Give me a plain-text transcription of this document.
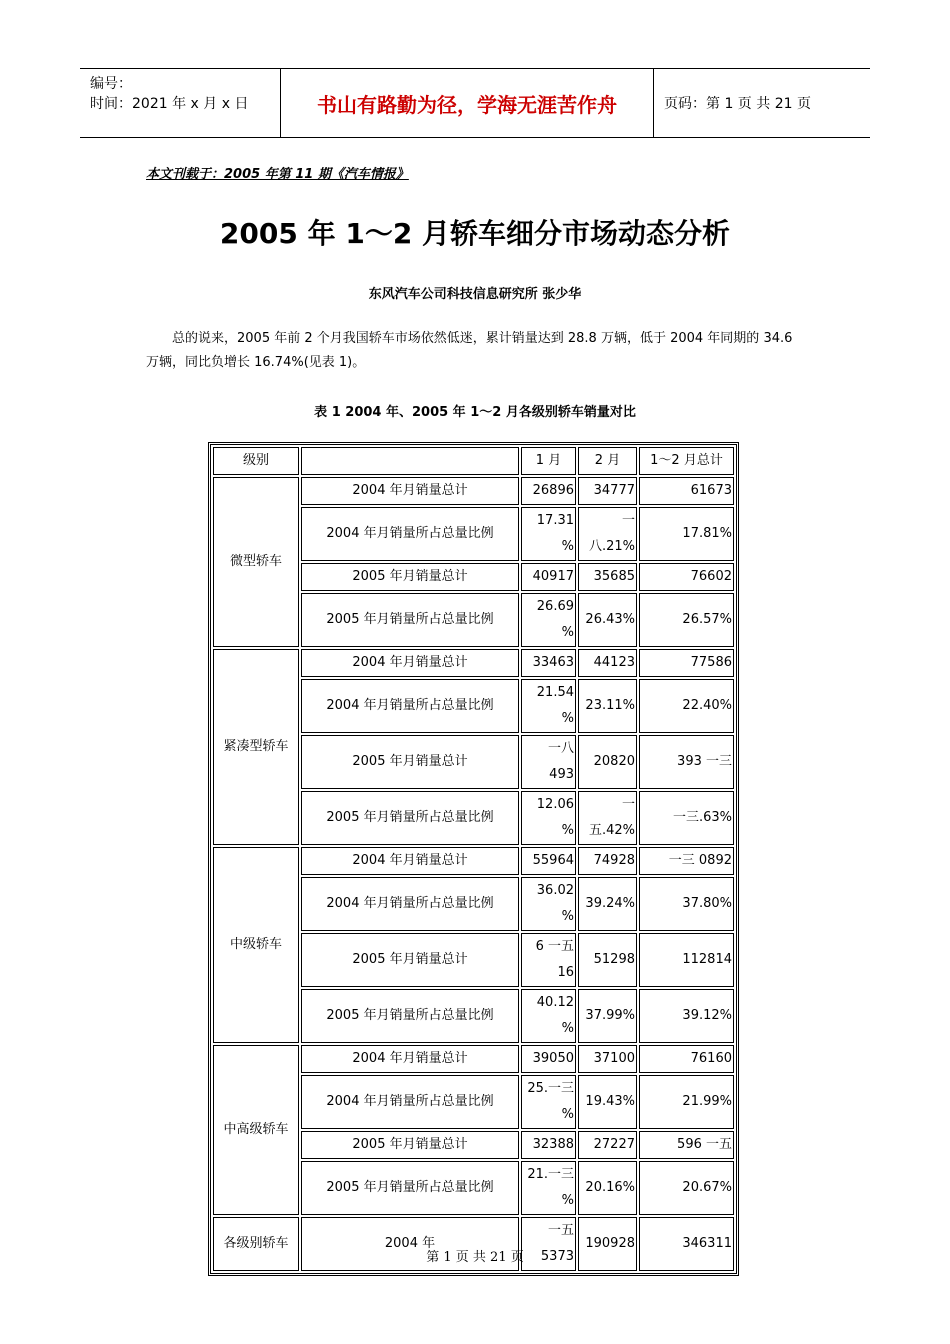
编号：
时间：2021 年 x 月 x 日	书山有路勤为径，学海无涯苦作舟	页码：第 1 页 共 21 页
本文刊载于：2005 年第 11 期《汽车情报》
2005 年 1～2 月轿车细分市场动态分析
东风汽车公司科技信息研究所 张少华
总的说来，2005 年前 2 个月我国轿车市场依然低迷，累计销量达到 28.8 万辆，低于 2004 年同期的 34.6 万辆，同比负增长 16.74%(见表 1)。
表 1 2004 年、2005 年 1～2 月各级别轿车销量对比
级别		1 月	2 月	1～2 月总计
微型轿车	2004 年月销量总计	26896	34777	61673
	2004 年月销量所占总量比例	17.31 %	一 八.21%	17.81%
	2005 年月销量总计	40917	35685	76602
	2005 年月销量所占总量比例	26.69 %	26.43%	26.57%
紧凑型轿车	2004 年月销量总计	33463	44123	77586
	2004 年月销量所占总量比例	21.54 %	23.11%	22.40%
	2005 年月销量总计	一八 493	20820	393 一三
	2005 年月销量所占总量比例	12.06 %	一 五.42%	一三.63%
中级轿车	2004 年月销量总计	55964	74928	一三 0892
	2004 年月销量所占总量比例	36.02 %	39.24%	37.80%
	2005 年月销量总计	6 一五 16	51298	112814
	2005 年月销量所占总量比例	40.12 %	37.99%	39.12%
中高级轿车	2004 年月销量总计	39050	37100	76160
	2004 年月销量所占总量比例	25.一三 %	19.43%	21.99%
	2005 年月销量总计	32388	27227	596 一五
	2005 年月销量所占总量比例	21.一三 %	20.16%	20.67%
各级别轿车	2004 年	一五 5373	190928	346311
第 1 页 共 21 页
